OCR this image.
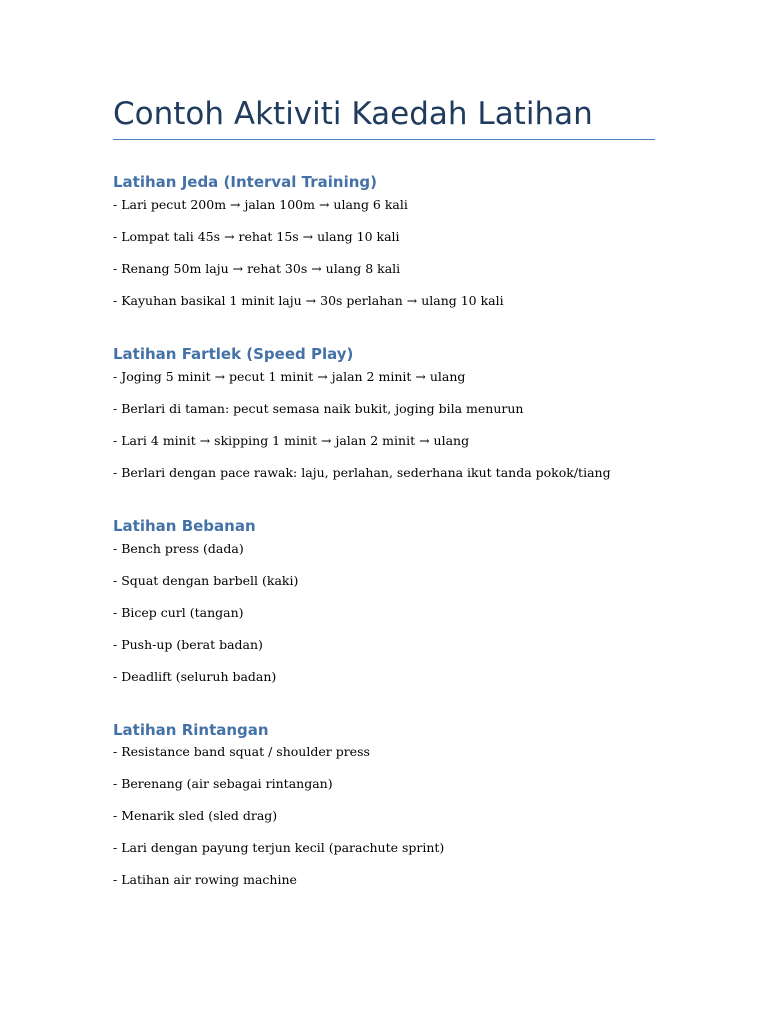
Contoh Aktiviti Kaedah Latihan
Latihan Jeda (Interval Training)

- Lari pecut 200m → jalan 100m → ulang 6 kali

- Lompat tali 45s → rehat 15s → ulang 10 kali

- Renang 50m laju → rehat 30s → ulang 8 kali

- Kayuhan basikal 1 minit laju → 30s perlahan → ulang 10 kali

Latihan Fartlek (Speed Play)

- Joging 5 minit → pecut 1 minit → jalan 2 minit → ulang

- Berlari di taman: pecut semasa naik bukit, joging bila menurun

- Lari 4 minit → skipping 1 minit → jalan 2 minit → ulang

- Berlari dengan pace rawak: laju, perlahan, sederhana ikut tanda pokok/tiang

Latihan Bebanan

- Bench press (dada)

- Squat dengan barbell (kaki)

- Bicep curl (tangan)

- Push-up (berat badan)

- Deadlift (seluruh badan)

Latihan Rintangan

- Resistance band squat / shoulder press

- Berenang (air sebagai rintangan)

- Menarik sled (sled drag)

- Lari dengan payung terjun kecil (parachute sprint)

- Latihan air rowing machine
